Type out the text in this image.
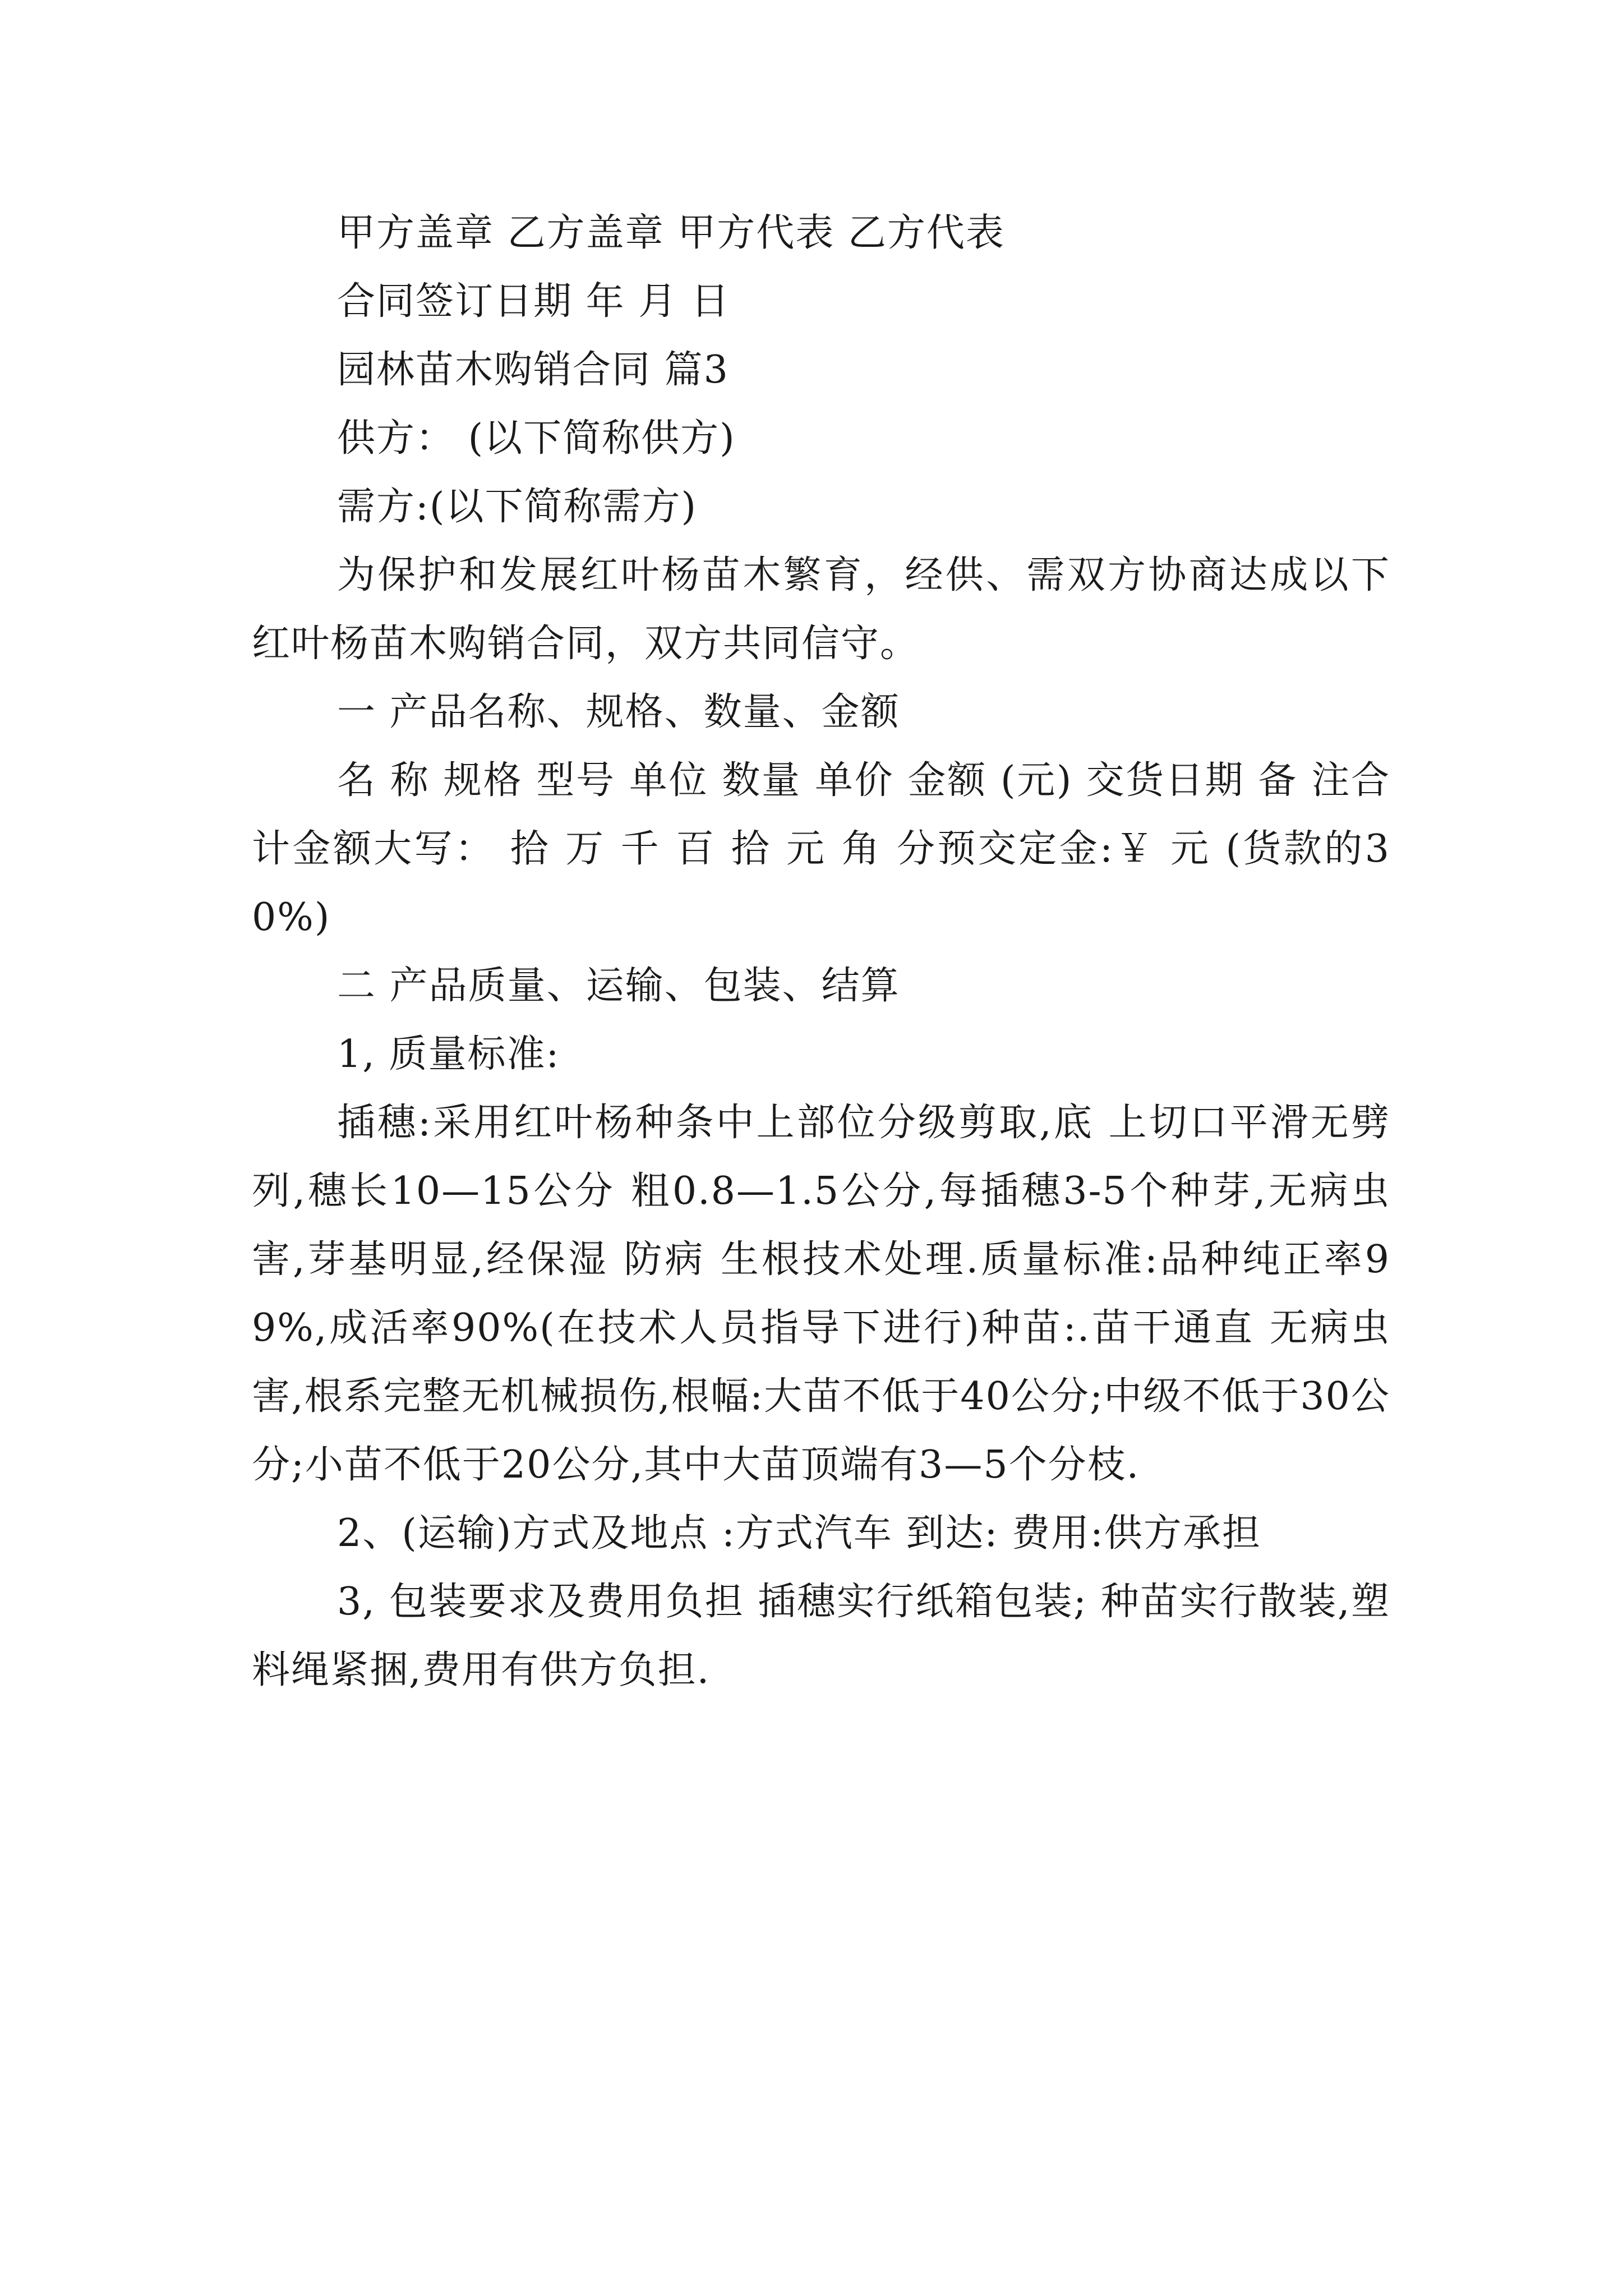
甲方盖章 乙方盖章 甲方代表 乙方代表

合同签订日期 年 月 日

园林苗木购销合同 篇3

供方： (以下简称供方)

需方:(以下简称需方)

为保护和发展红叶杨苗木繁育，经供、需双方协商达成以下红叶杨苗木购销合同，双方共同信守。

一 产品名称、规格、数量、金额

名 称 规格 型号 单位 数量 单价 金额 (元) 交货日期 备 注合计金额大写： 拾 万 千 百 拾 元 角 分预交定金:￥ 元 (货款的30%)

二 产品质量、运输、包装、结算

1, 质量标准:

插穗:采用红叶杨种条中上部位分级剪取,底 上切口平滑无劈列,穗长10—15公分 粗0.8—1.5公分,每插穗3-5个种芽,无病虫害,芽基明显,经保湿 防病 生根技术处理.质量标准:品种纯正率99%,成活率90%(在技术人员指导下进行)种苗:.苗干通直 无病虫害,根系完整无机械损伤,根幅:大苗不低于40公分;中级不低于30公分;小苗不低于20公分,其中大苗顶端有3—5个分枝.

2、(运输)方式及地点 :方式汽车 到达: 费用:供方承担

3, 包装要求及费用负担 插穗实行纸箱包装; 种苗实行散装,塑料绳紧捆,费用有供方负担.
